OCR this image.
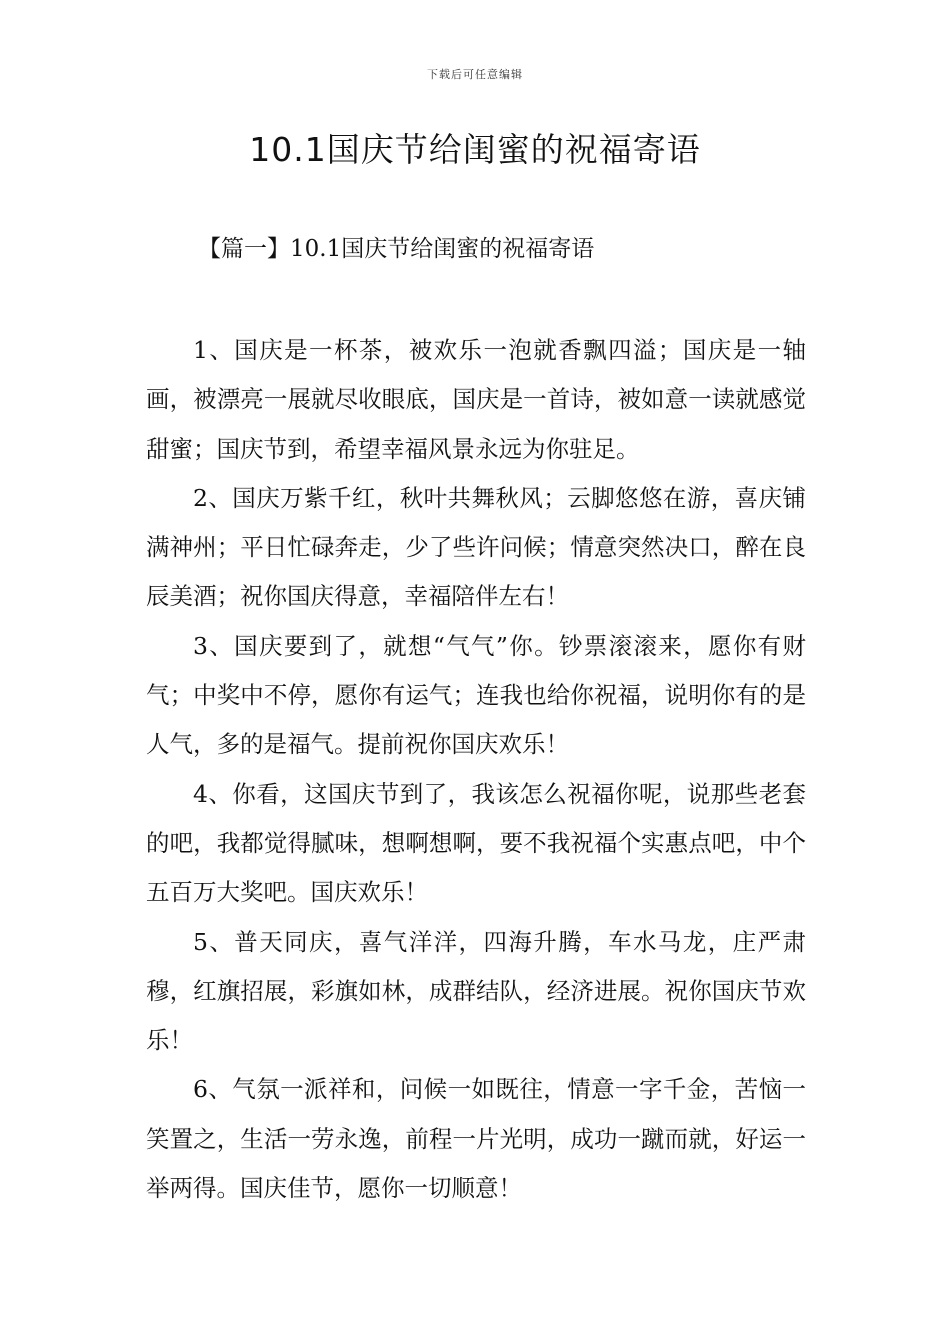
下载后可任意编辑
10.1国庆节给闺蜜的祝福寄语
【篇一】10.1国庆节给闺蜜的祝福寄语

1、国庆是一杯茶，被欢乐一泡就香飘四溢；国庆是一轴画，被漂亮一展就尽收眼底，国庆是一首诗，被如意一读就感觉甜蜜；国庆节到，希望幸福风景永远为你驻足。

2、国庆万紫千红，秋叶共舞秋风；云脚悠悠在游，喜庆铺满神州；平日忙碌奔走，少了些许问候；情意突然决口，醉在良辰美酒；祝你国庆得意，幸福陪伴左右！

3、国庆要到了，就想“气气”你。钞票滚滚来，愿你有财气；中奖中不停，愿你有运气；连我也给你祝福，说明你有的是人气，多的是福气。提前祝你国庆欢乐！

4、你看，这国庆节到了，我该怎么祝福你呢，说那些老套的吧，我都觉得腻味，想啊想啊，要不我祝福个实惠点吧，中个五百万大奖吧。国庆欢乐！

5、普天同庆，喜气洋洋，四海升腾，车水马龙，庄严肃穆，红旗招展，彩旗如林，成群结队，经济进展。祝你国庆节欢乐！

6、气氛一派祥和，问候一如既往，情意一字千金，苦恼一笑置之，生活一劳永逸，前程一片光明，成功一蹴而就，好运一举两得。国庆佳节，愿你一切顺意！
